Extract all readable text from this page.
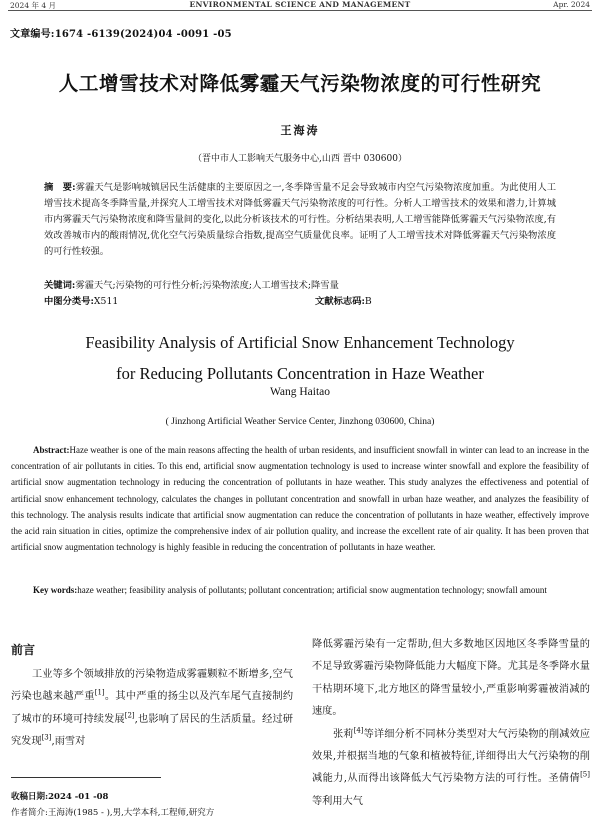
2024 年 4 月	ENVIRONMENTAL SCIENCE AND MANAGEMENT	Apr. 2024
文章编号:1674 -6139(2024)04 -0091 -05
人工增雪技术对降低雾霾天气污染物浓度的可行性研究
王海涛
（晋中市人工影响天气服务中心,山西 晋中 030600）
摘　要:雾霾天气是影响城镇居民生活健康的主要原因之一,冬季降雪量不足会导致城市内空气污染物浓度加重。为此使用人工增雪技术提高冬季降雪量,并探究人工增雪技术对降低雾霾天气污染物浓度的可行性。分析人工增雪技术的效果和潜力,计算城市内雾霾天气污染物浓度和降雪量间的变化,以此分析该技术的可行性。分析结果表明,人工增雪能降低雾霾天气污染物浓度,有效改善城市内的酸雨情况,优化空气污染质量综合指数,提高空气质量优良率。证明了人工增雪技术对降低雾霾天气污染物浓度的可行性较强。
关键词:雾霾天气;污染物的可行性分析;污染物浓度;人工增雪技术;降雪量
中图分类号:X511	文献标志码:B
Feasibility Analysis of Artificial Snow Enhancement Technology
for Reducing Pollutants Concentration in Haze Weather
Wang Haitao
( Jinzhong Artificial Weather Service Center, Jinzhong 030600, China)
Abstract:Haze weather is one of the main reasons affecting the health of urban residents, and insufficient snowfall in winter can lead to an increase in the concentration of air pollutants in cities. To this end, artificial snow augmentation technology is used to increase winter snowfall and explore the feasibility of artificial snow augmentation technology in reducing the concentration of pollutants in haze weather. This study analyzes the effectiveness and potential of artificial snow enhancement technology, calculates the changes in pollutant concentration and snowfall in urban haze weather, and analyzes the feasibility of this technology. The analysis results indicate that artificial snow augmentation can reduce the concentration of pollutants in haze weather, effectively improve the acid rain situation in cities, optimize the comprehensive index of air pollution quality, and increase the excellent rate of air quality. It has been proven that artificial snow augmentation technology is highly feasible in reducing the concentration of pollutants in haze weather.
Key words:haze weather; feasibility analysis of pollutants; pollutant concentration; artificial snow augmentation technology; snowfall amount
前言
工业等多个领域排放的污染物造成雾霾颗粒不断增多,空气污染也越来越严重[1]。其中严重的扬尘以及汽车尾气直接制约了城市的环境可持续发展[2],也影响了居民的生活质量。经过研究发现[3],雨雪对

降低雾霾污染有一定帮助,但大多数地区因地区冬季降雪量的不足导致雾霾污染物降低能力大幅度下降。尤其是冬季降水量干枯期环境下,北方地区的降雪量较小,严重影响雾霾被消减的速度。

张莉[4]等详细分析不同林分类型对大气污染物的削减效应效果,并根据当地的气象和植被特征,详细得出大气污染物的削减能力,从而得出该降低大气污染物方法的可行性。圣倩倩[5]等利用大气

收稿日期:2024 -01 -08
作者简介:王海涛(1985 - ),男,大学本科,工程师,研究方
